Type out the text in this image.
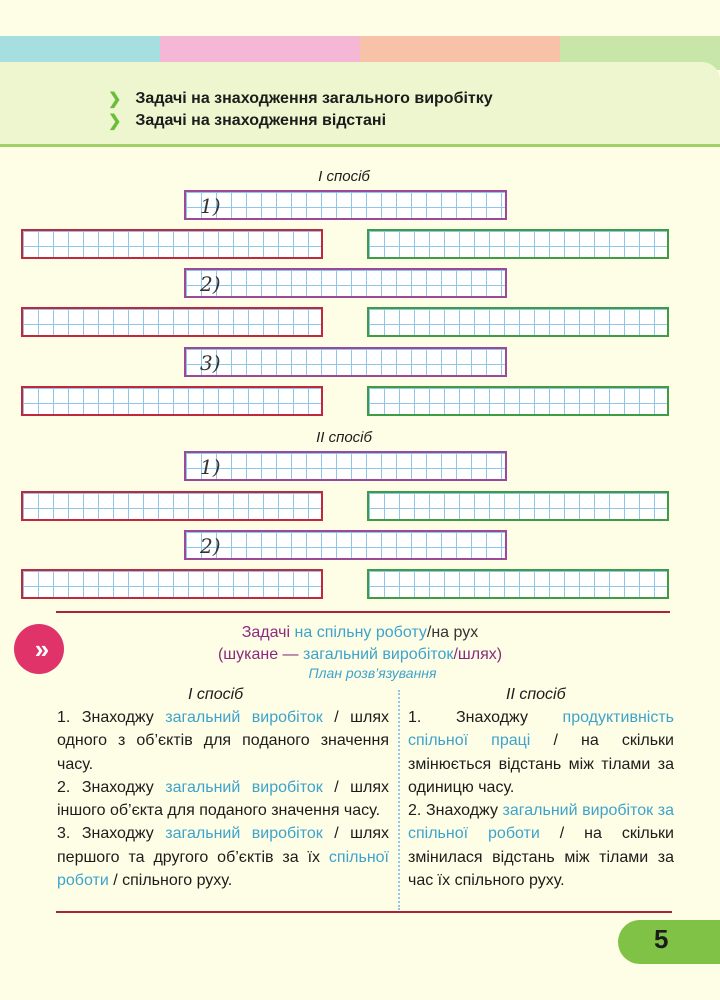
❯ Задачі на знаходження загального виробітку
❯ Задачі на знаходження відстані
I спосіб
1)
2)
3)
II спосіб
1)
2)
»
Задачі на спільну роботу/на рух
(шукане — загальний виробіток/шлях)
План розв’язування
I спосіб	II спосіб

1. Знаходжу загальний виробіток / шлях одного з об’єктів для поданого значення часу.

2. Знаходжу загальний виробіток / шлях іншого об’єкта для поданого значення часу.

3. Знаходжу загальний виробіток / шлях першого та другого об’єктів за їх спільної роботи / спільного руху.

1. Знаходжу продуктивність спільної праці / на скільки змінюється відстань між тілами за одиницю часу.

2. Знаходжу загальний виробіток за спільної роботи / на скільки змінилася відстань між тілами за час їх спільного руху.

5
